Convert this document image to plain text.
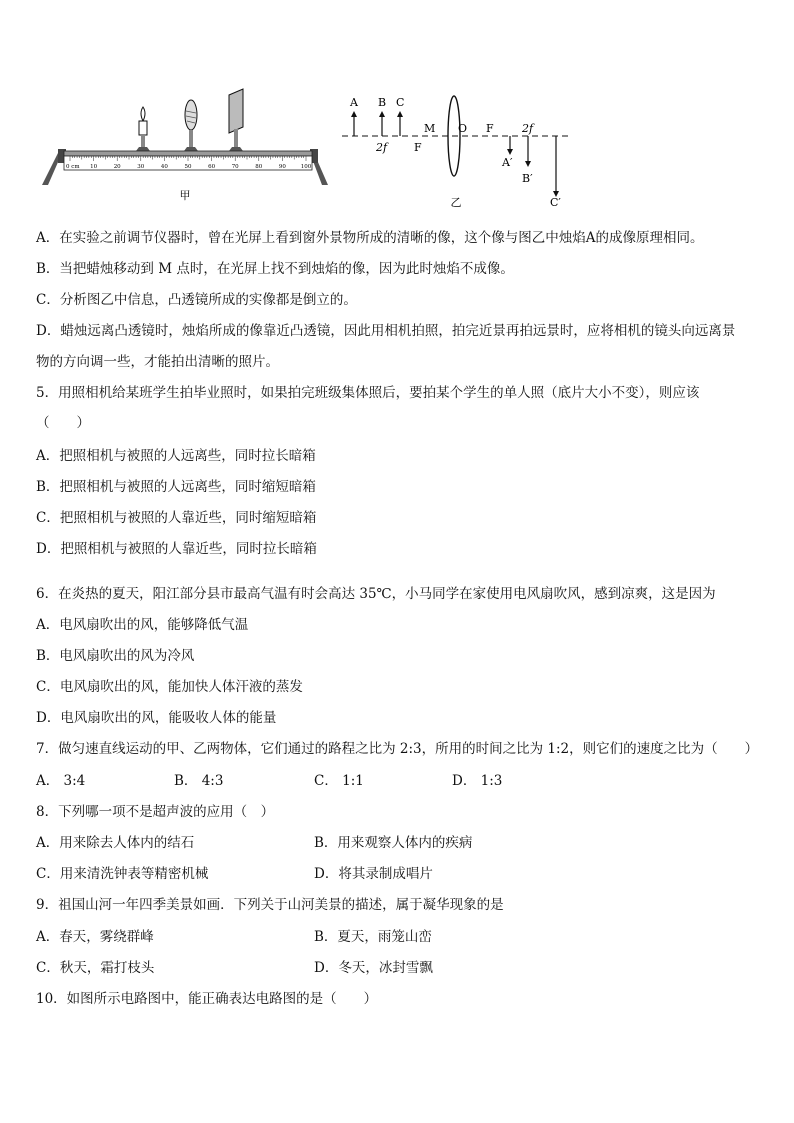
0 cm 10	20	30	40	50	60	70	80	90	100
甲
A B C
M O F	2f
2f F
A′
B′
C′
乙
A．在实验之前调节仪器时，曾在光屏上看到窗外景物所成的清晰的像，这个像与图乙中烛焰A的成像原理相同。
B．当把蜡烛移动到 M 点时，在光屏上找不到烛焰的像，因为此时烛焰不成像。
C．分析图乙中信息，凸透镜所成的实像都是倒立的。
D．蜡烛远离凸透镜时，烛焰所成的像靠近凸透镜，因此用相机拍照，拍完近景再拍远景时，应将相机的镜头向远离景
物的方向调一些，才能拍出清晰的照片。
5．用照相机给某班学生拍毕业照时，如果拍完班级集体照后，要拍某个学生的单人照（底片大小不变），则应该
（　　）
A．把照相机与被照的人远离些，同时拉长暗箱
B．把照相机与被照的人远离些，同时缩短暗箱
C．把照相机与被照的人靠近些，同时缩短暗箱
D．把照相机与被照的人靠近些，同时拉长暗箱
6．在炎热的夏天，阳江部分县市最高气温有时会高达 35℃，小马同学在家使用电风扇吹风，感到凉爽，这是因为
A．电风扇吹出的风，能够降低气温
B．电风扇吹出的风为冷风
C．电风扇吹出的风，能加快人体汗液的蒸发
D．电风扇吹出的风，能吸收人体的能量
7．做匀速直线运动的甲、乙两物体，它们通过的路程之比为 2:3，所用的时间之比为 1:2，则它们的速度之比为（　　）
A． 3:4	B． 4:3	C． 1:1	D． 1:3
8．下列哪一项不是超声波的应用（　）
A．用来除去人体内的结石	B．用来观察人体内的疾病
C．用来清洗钟表等精密机械	D．将其录制成唱片
9．祖国山河一年四季美景如画．下列关于山河美景的描述，属于凝华现象的是
A．春天，雾绕群峰	B．夏天，雨笼山峦
C．秋天，霜打枝头	D．冬天，冰封雪飘
10．如图所示电路图中，能正确表达电路图的是（　　）
